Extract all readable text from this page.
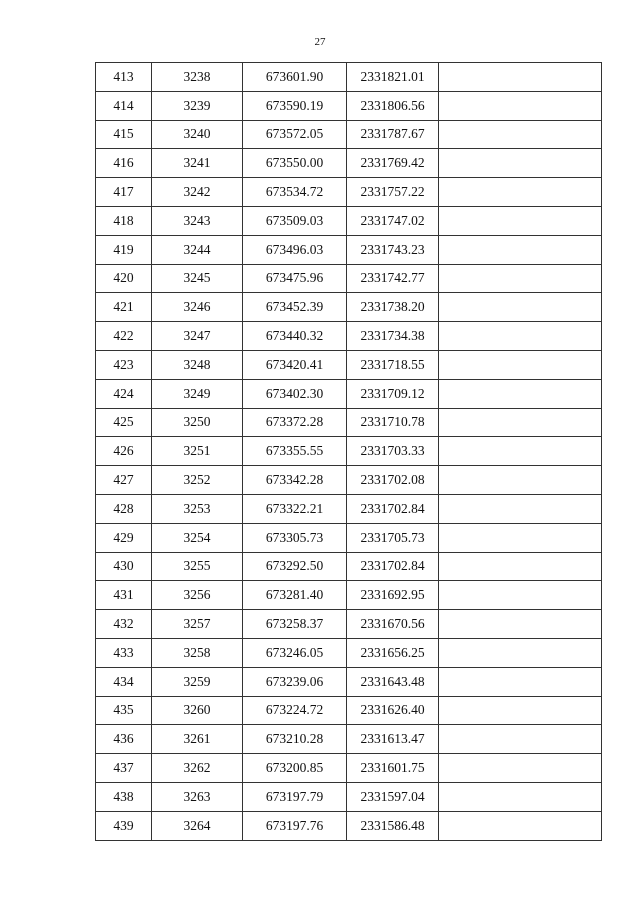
27
413	3238	673601.90	2331821.01	
414	3239	673590.19	2331806.56	
415	3240	673572.05	2331787.67	
416	3241	673550.00	2331769.42	
417	3242	673534.72	2331757.22	
418	3243	673509.03	2331747.02	
419	3244	673496.03	2331743.23	
420	3245	673475.96	2331742.77	
421	3246	673452.39	2331738.20	
422	3247	673440.32	2331734.38	
423	3248	673420.41	2331718.55	
424	3249	673402.30	2331709.12	
425	3250	673372.28	2331710.78	
426	3251	673355.55	2331703.33	
427	3252	673342.28	2331702.08	
428	3253	673322.21	2331702.84	
429	3254	673305.73	2331705.73	
430	3255	673292.50	2331702.84	
431	3256	673281.40	2331692.95	
432	3257	673258.37	2331670.56	
433	3258	673246.05	2331656.25	
434	3259	673239.06	2331643.48	
435	3260	673224.72	2331626.40	
436	3261	673210.28	2331613.47	
437	3262	673200.85	2331601.75	
438	3263	673197.79	2331597.04	
439	3264	673197.76	2331586.48	
